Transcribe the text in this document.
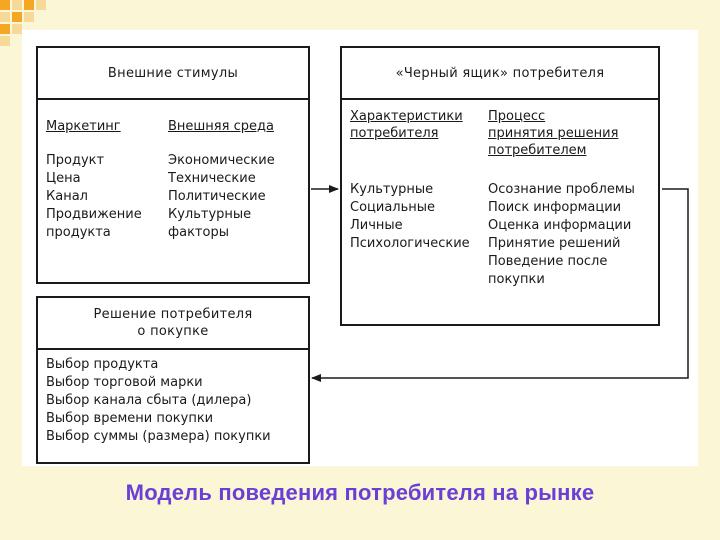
Внешние стимулы
Маркетинг
Продукт
Цена
Канал
Продвижение
продукта
Внешняя среда
Экономические
Технические
Политические
Культурные
факторы
«Черный ящик» потребителя
Характеристики
потребителя
Культурные
Социальные
Личные
Психологические
Процесс
принятия решения
потребителем
Осознание проблемы
Поиск информации
Оценка информации
Принятие решений
Поведение после
покупки
Решение потребителя
о покупке
Выбор продукта
Выбор торговой марки
Выбор канала сбыта (дилера)
Выбор времени покупки
Выбор суммы (размера) покупки
Модель поведения потребителя на рынке
